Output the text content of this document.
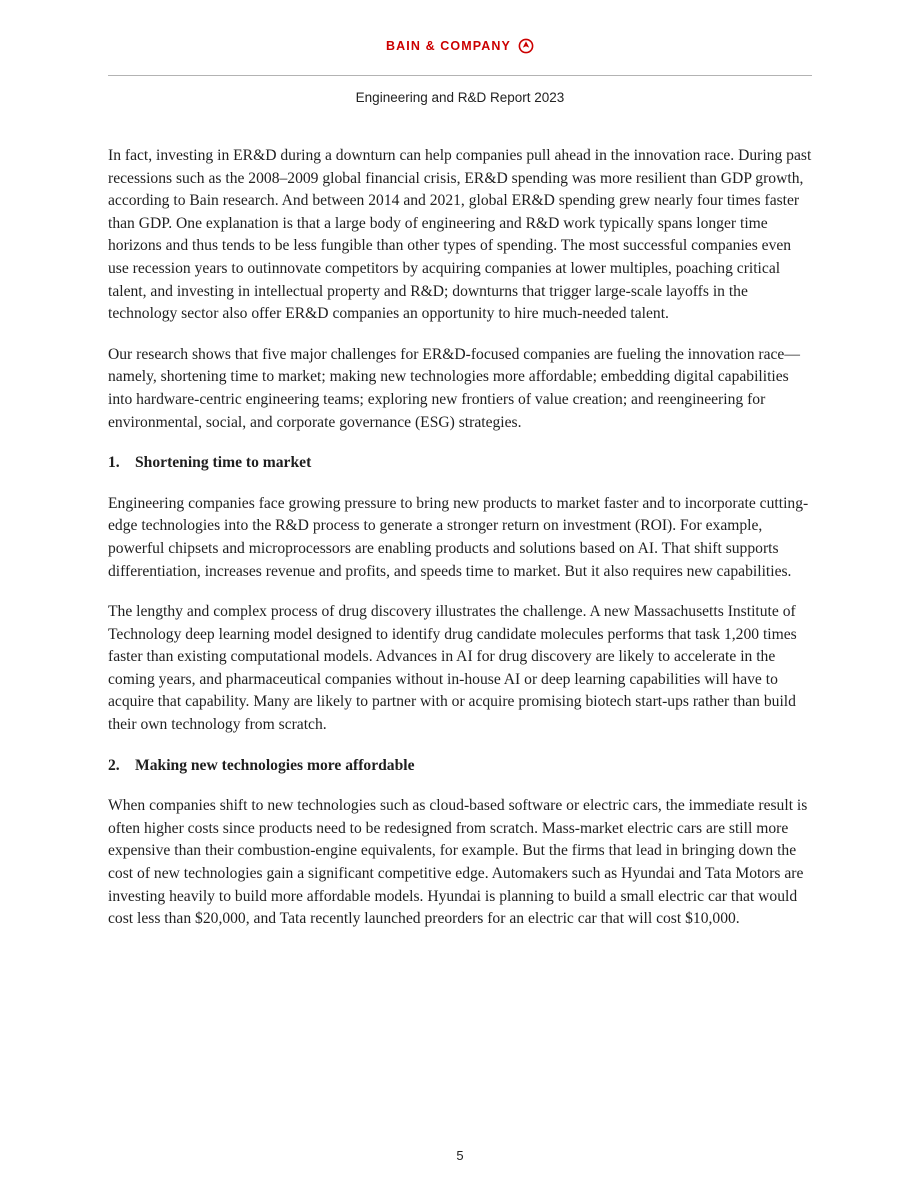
BAIN & COMPANY
Engineering and R&D Report 2023

In fact, investing in ER&D during a downturn can help companies pull ahead in the innovation race. During past recessions such as the 2008–2009 global financial crisis, ER&D spending was more resilient than GDP growth, according to Bain research. And between 2014 and 2021, global ER&D spending grew nearly four times faster than GDP. One explanation is that a large body of engineering and R&D work typically spans longer time horizons and thus tends to be less fungible than other types of spending. The most successful companies even use recession years to outinnovate competitors by acquiring companies at lower multiples, poaching critical talent, and investing in intellectual property and R&D; downturns that trigger large-scale layoffs in the technology sector also offer ER&D companies an opportunity to hire much-needed talent.

Our research shows that five major challenges for ER&D-focused companies are fueling the innovation race—namely, shortening time to market; making new technologies more affordable; embedding digital capabilities into hardware-centric engineering teams; exploring new frontiers of value creation; and reengineering for environmental, social, and corporate governance (ESG) strategies.

1. Shortening time to market

Engineering companies face growing pressure to bring new products to market faster and to incorporate cutting-edge technologies into the R&D process to generate a stronger return on investment (ROI). For example, powerful chipsets and microprocessors are enabling products and solutions based on AI. That shift supports differentiation, increases revenue and profits, and speeds time to market. But it also requires new capabilities.

The lengthy and complex process of drug discovery illustrates the challenge. A new Massachusetts Institute of Technology deep learning model designed to identify drug candidate molecules performs that task 1,200 times faster than existing computational models. Advances in AI for drug discovery are likely to accelerate in the coming years, and pharmaceutical companies without in-house AI or deep learning capabilities will have to acquire that capability. Many are likely to partner with or acquire promising biotech start-ups rather than build their own technology from scratch.

2. Making new technologies more affordable

When companies shift to new technologies such as cloud-based software or electric cars, the immediate result is often higher costs since products need to be redesigned from scratch. Mass-market electric cars are still more expensive than their combustion-engine equivalents, for example. But the firms that lead in bringing down the cost of new technologies gain a significant competitive edge. Automakers such as Hyundai and Tata Motors are investing heavily to build more affordable models. Hyundai is planning to build a small electric car that would cost less than $20,000, and Tata recently launched preorders for an electric car that will cost $10,000.

5
